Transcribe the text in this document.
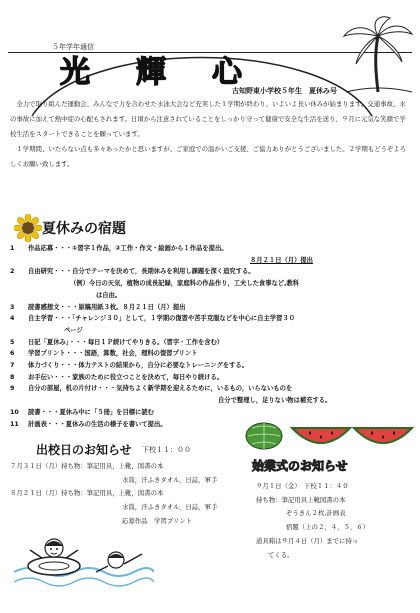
５年学年通信
光　輝　心
古知野東小学校５年生　夏休み号

全力で取り組んだ運動会、みんなで力を合わせた水泳大会など充実した１学期が終わり、いよいよ長い休みが始まります。交通事故、水の事故に加えて熱中症の心配もされます。日頃から注意されていることをしっかり守って健康で安全な生活を送り、９月に元気な笑顔で学校生活をスタートできることを願っています。

１学期間、いたらない点も多々あったかと思いますが、ご家庭での温かいご支援、ご協力ありがとうございました。２学期もどうぞよろしくお願い致します。

夏休みの宿題
1	作品応募・・・①習字１作品，②工作・作文・絵画から１作品を提出。
８月２１日（月）提出
2	自由研究・・・自分でテーマを決めて，長期休みを利用し課題を深く追究する。
（例）今日の天気，植物の成長記録，家庭科の作品作り，工夫した食事など,教科
は自由。
3	読書感想文・・・原稿用紙３枚。８月２１日（月）提出
4	自主学習・・・「チャレンジ３０」として，１学期の復習や苦手克服などを中心に自主学習３０
ページ
5	日記「夏休み」・・・毎日１Ｐ続けてやりきる。（習字・工作を含む）
6	学習プリント・・・国語，算数，社会，理科の復習プリント
7	体力づくり・・・体力テストの結果から，自分に必要なトレーニングをする。
8	お手伝い・・・家族のために役立つことを決めて，毎日やり続ける。
9	自分の部屋，机の片付け・・・気持ちよく新学期を迎えるために，いるもの，いらないものを
自分で整理し，足りない物は補充する。
10	読書・・・夏休み中に「５冊」を目標に読む
11	計画表・・・夏休みの生活の様子を書いて提出。
出校日のお知らせ 下校１１：００
７月３１日（月）持ち物：筆記用具，上靴，図書の本
水筒，汗ふきタオル，日誌，軍手
８月２１日（月）持ち物：筆記用具，上靴，図書の本
水筒，汗ふきタオル，日誌，軍手
応募作品　学習プリント
始業式のお知らせ
９月１日（金）　下校１１：４０
持ち物：筆記用具上靴図書の本
ぞうきん２枚,計画表
宿題（上の２，４，５，６）
道具箱は９月４日（月）までに持っ
てくる。
